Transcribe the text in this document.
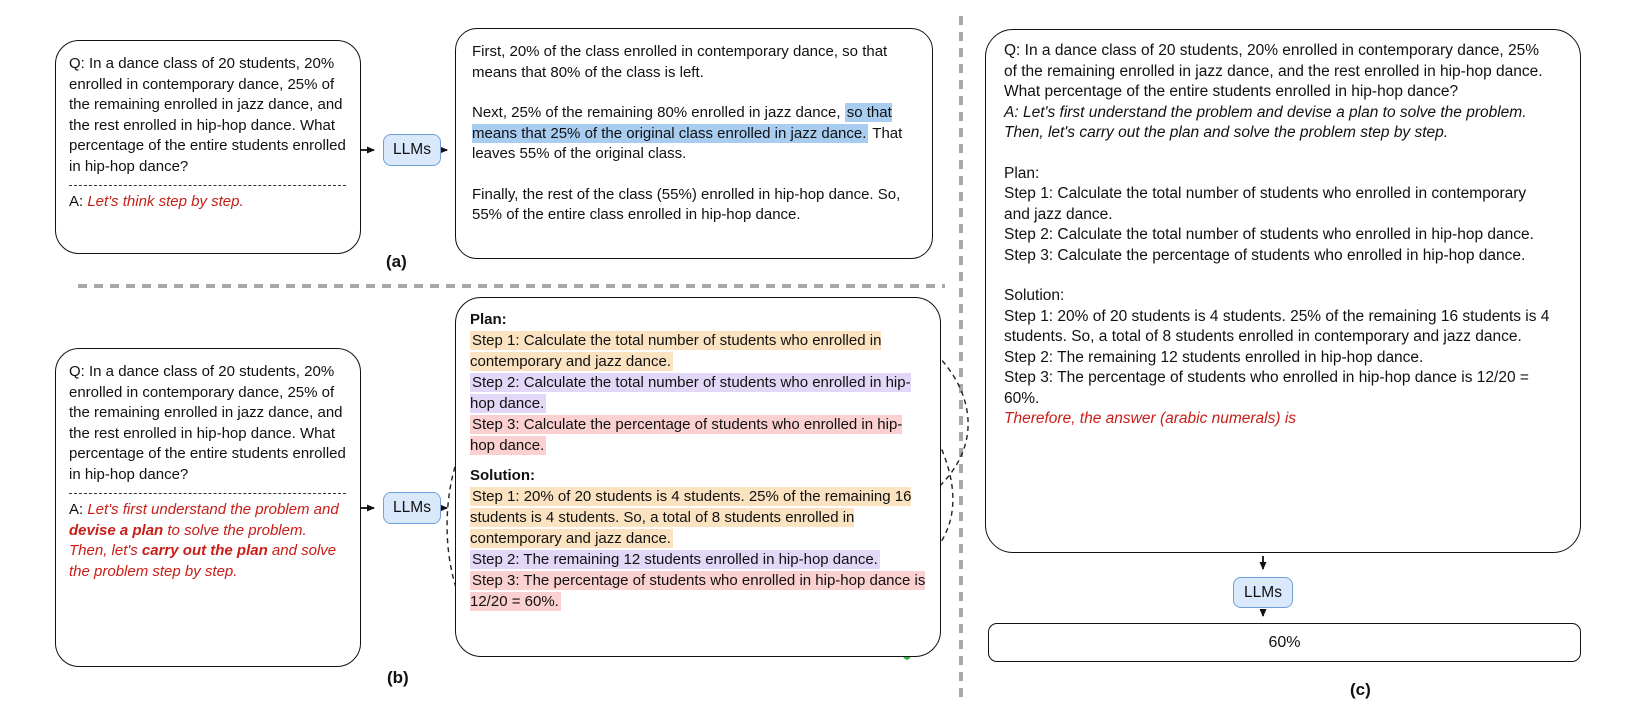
Q: In a dance class of 20 students, 20% enrolled in contemporary dance, 25% of the remaining enrolled in jazz dance, and the rest enrolled in hip-hop dance. What percentage of the entire students enrolled in hip-hop dance?
A: Let's think step by step.
LLMs

First, 20% of the class enrolled in contemporary dance, so that means that 80% of the class is left.

Next, 25% of the remaining 80% enrolled in jazz dance, so that means that 25% of the original class enrolled in jazz dance. That leaves 55% of the original class.

Finally, the rest of the class (55%) enrolled in hip-hop dance. So, 55% of the entire class enrolled in hip-hop dance.

(a)
Q: In a dance class of 20 students, 20% enrolled in contemporary dance, 25% of the remaining enrolled in jazz dance, and the rest enrolled in hip-hop dance. What percentage of the entire students enrolled in hip-hop dance?
A: Let's first understand the problem and devise a plan to solve the problem.
Then, let's carry out the plan and solve the problem step by step.
LLMs
Plan:
Step 1: Calculate the total number of students who enrolled in contemporary and jazz dance.
Step 2: Calculate the total number of students who enrolled in hip-hop dance.
Step 3: Calculate the percentage of students who enrolled in hip-hop dance.
Solution:
Step 1: 20% of 20 students is 4 students. 25% of the remaining 16 students is 4 students. So, a total of 8 students enrolled in contemporary and jazz dance.
Step 2: The remaining 12 students enrolled in hip-hop dance.
Step 3: The percentage of students who enrolled in hip-hop dance is 12/20 = 60%.
(b)

Q: In a dance class of 20 students, 20% enrolled in contemporary dance, 25% of the remaining enrolled in jazz dance, and the rest enrolled in hip-hop dance. What percentage of the entire students enrolled in hip-hop dance?

A: Let's first understand the problem and devise a plan to solve the problem.

Then, let's carry out the plan and solve the problem step by step.

Plan:

Step 1: Calculate the total number of students who enrolled in contemporary and jazz dance.

Step 2: Calculate the total number of students who enrolled in hip-hop dance.

Step 3: Calculate the percentage of students who enrolled in hip-hop dance.

Solution:

Step 1: 20% of 20 students is 4 students. 25% of the remaining 16 students is 4 students. So, a total of 8 students enrolled in contemporary and jazz dance.

Step 2: The remaining 12 students enrolled in hip-hop dance.

Step 3: The percentage of students who enrolled in hip-hop dance is 12/20 = 60%.

Therefore, the answer (arabic numerals) is

LLMs
60%
(c)
